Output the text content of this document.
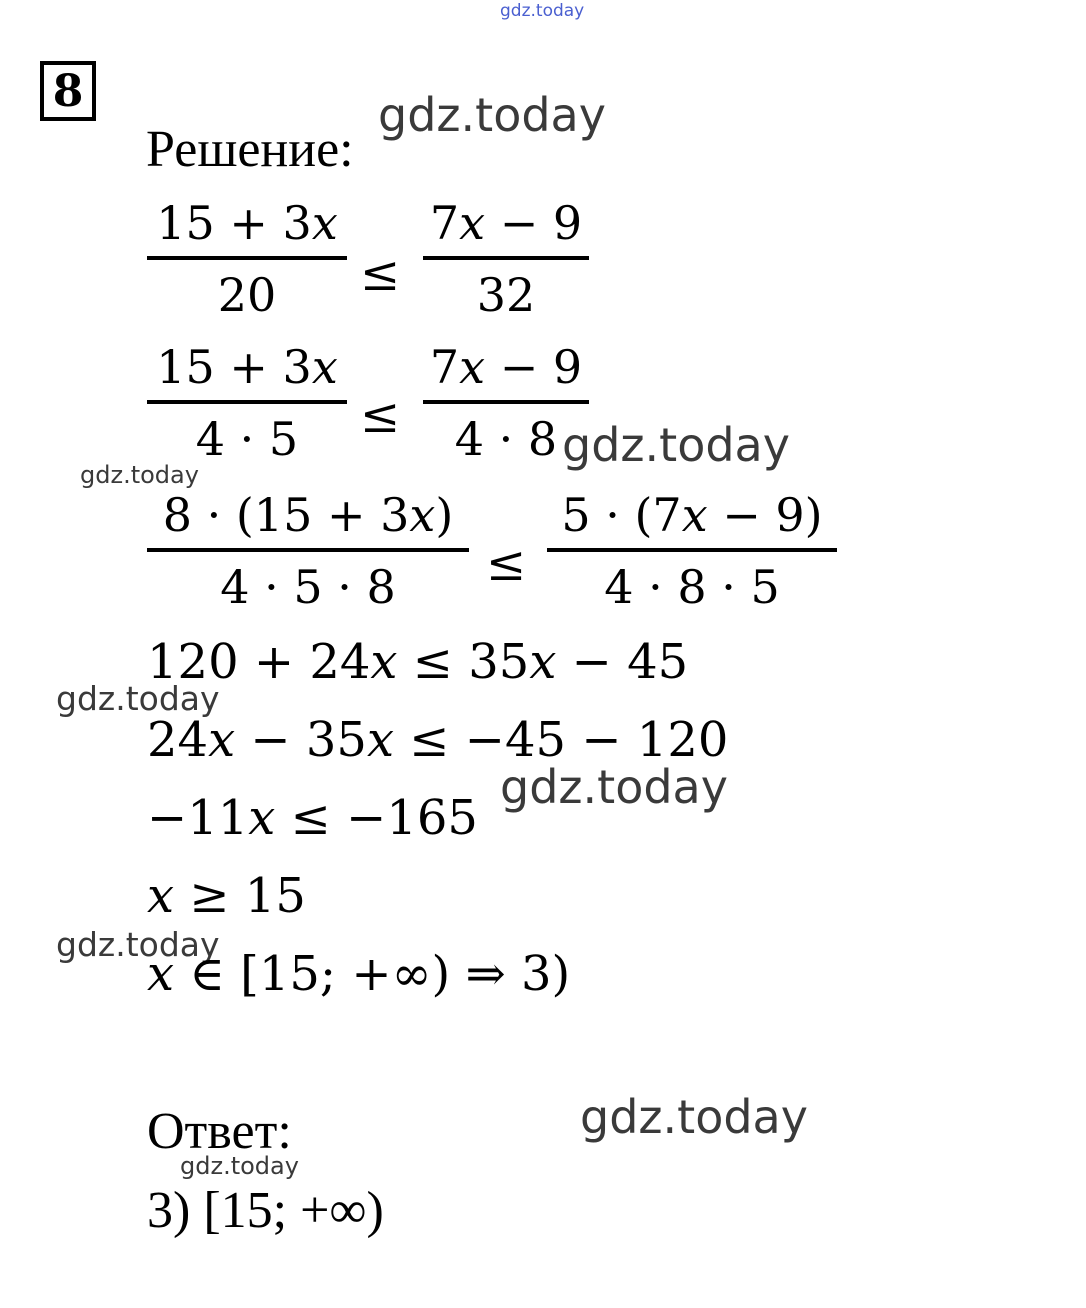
gdz.today
gdz.today
gdz.today
gdz.today
gdz.today
gdz.today
gdz.today
gdz.today
gdz.today
8
Решение:
15 + 3𝑥
20 ≤
7𝑥 − 9
32
15 + 3𝑥
4 · 5 ≤
7𝑥 − 9
4 · 8
8 · (15 + 3𝑥)
4 · 5 · 8 ≤
5 · (7𝑥 − 9)
4 · 8 · 5
120 + 24𝑥 ≤ 35𝑥 − 45
24𝑥 − 35𝑥 ≤ −45 − 120
−11𝑥 ≤ −165
𝑥 ≥ 15
𝑥 ∈ [15; +∞) ⇒ 3)
Ответ:
3) [15; +∞)
